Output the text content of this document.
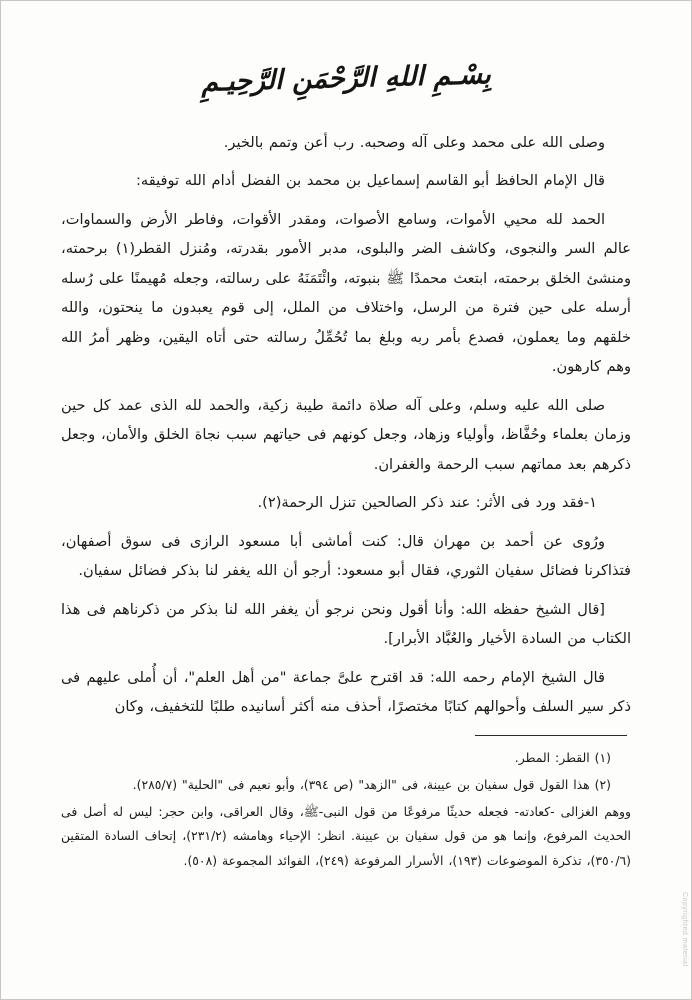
بِسْـمِ اللهِ الرَّحْمَنِ الرَّحِيـمِ

وصلى الله على محمد وعلى آله وصحبه. رب أعن وتمم بالخير.

قال الإمام الحافظ أبو القاسم إسماعيل بن محمد بن الفضل أدام الله توفيقه:

الحمد لله محيي الأموات، وسامع الأصوات، ومقدر الأقوات، وفاطر الأرض والسماوات، عالم السر والنجوى، وكاشف الضر والبلوى، مدبر الأمور بقدرته، ومُنزل القطر(١) برحمته، ومنشئ الخلق برحمته، ابتعث محمدًا ﷺ بنبوته، وائْتَمَنَهُ على رسالته، وجعله مُهيمنًا على رُسله أرسله على حين فترة من الرسل، واختلاف من الملل، إلى قوم يعبدون ما ينحتون، والله خلقهم وما يعملون، فصدع بأمر ربه وبلغ بما تُحُمِّلُ رسالته حتى أتاه اليقين، وظهر أمرُ الله وهم كارهون.

صلى الله عليه وسلم، وعلى آله صلاة دائمة طيبة زكية، والحمد لله الذى عمد كل حين وزمان بعلماء وحُفَّاظ، وأولياء وزهاد، وجعل كونهم فى حياتهم سبب نجاة الخلق والأمان، وجعل ذكرهم بعد مماتهم سبب الرحمة والغفران.

١-فقد ورد فى الأثر: عند ذكر الصالحين تنزل الرحمة(٢).

ورُوى عن أحمد بن مهران قال: كنت أماشى أبا مسعود الرازى فى سوق أصفهان، فتذاكرنا فضائل سفيان الثوري، فقال أبو مسعود: أرجو أن الله يغفر لنا بذكر فضائل سفيان.

[قال الشيخ حفظه الله: وأنا أقول ونحن نرجو أن يغفر الله لنا بذكر من ذكرناهم فى هذا الكتاب من السادة الأخيار والعُبَّاد الأبرار].

قال الشيخ الإمام رحمه الله: قد اقترح علىَّ جماعة "من أهل العلم"، أن أُملى عليهم فى ذكر سير السلف وأحوالهم كتابًا مختصرًا، أحذف منه أكثر أسانيده طلبًا للتخفيف، وكان

(١) القطر: المطر.

(٢) هذا القول قول سفيان بن عيينة، فى "الزهد" (ص ٣٩٤)، وأبو نعيم فى "الحلية" (٢٨٥/٧).

ووهم الغزالى -كعادته- فجعله حديثًا مرفوعًا من قول النبى-ﷺ، وقال العراقى، وابن حجر: ليس له أصل فى الحديث المرفوع، وإنما هو من قول سفيان بن عيينة. انظر: الإحياء وهامشه (٢٣١/٢)، إتحاف السادة المتقين (٣٥٠/٦)، تذكرة الموضوعات (١٩٣)، الأسرار المرفوعة (٢٤٩)، الفوائد المجموعة (٥٠٨).

Copyrighted material
